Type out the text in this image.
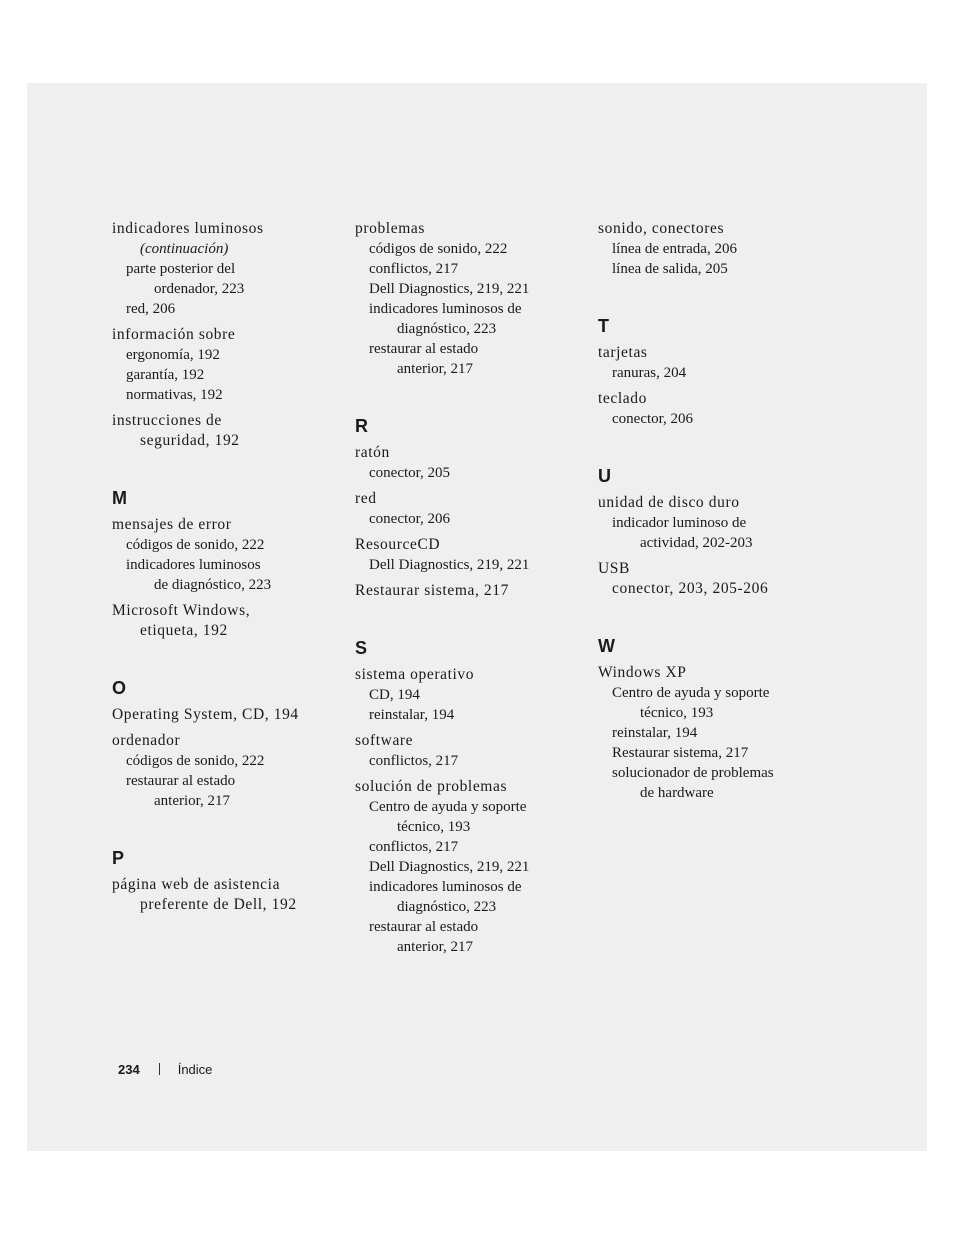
indicadores luminosos
(continuación)
parte posterior del
ordenador, 223
red, 206
información sobre
ergonomía, 192
garantía, 192
normativas, 192
instrucciones de
seguridad, 192
M
mensajes de error
códigos de sonido, 222
indicadores luminosos
de diagnóstico, 223
Microsoft Windows,
etiqueta, 192
O
Operating System, CD, 194
ordenador
códigos de sonido, 222
restaurar al estado
anterior, 217
P
página web de asistencia
preferente de Dell, 192
problemas
códigos de sonido, 222
conflictos, 217
Dell Diagnostics, 219, 221
indicadores luminosos de
diagnóstico, 223
restaurar al estado
anterior, 217
R
ratón
conector, 205
red
conector, 206
ResourceCD
Dell Diagnostics, 219, 221
Restaurar sistema, 217
S
sistema operativo
CD, 194
reinstalar, 194
software
conflictos, 217
solución de problemas
Centro de ayuda y soporte
técnico, 193
conflictos, 217
Dell Diagnostics, 219, 221
indicadores luminosos de
diagnóstico, 223
restaurar al estado
anterior, 217
sonido, conectores
línea de entrada, 206
línea de salida, 205
T
tarjetas
ranuras, 204
teclado
conector, 206
U
unidad de disco duro
indicador luminoso de
actividad, 202-203
USB
conector, 203, 205-206
W
Windows XP
Centro de ayuda y soporte
técnico, 193
reinstalar, 194
Restaurar sistema, 217
solucionador de problemas
de hardware
234	Índice
